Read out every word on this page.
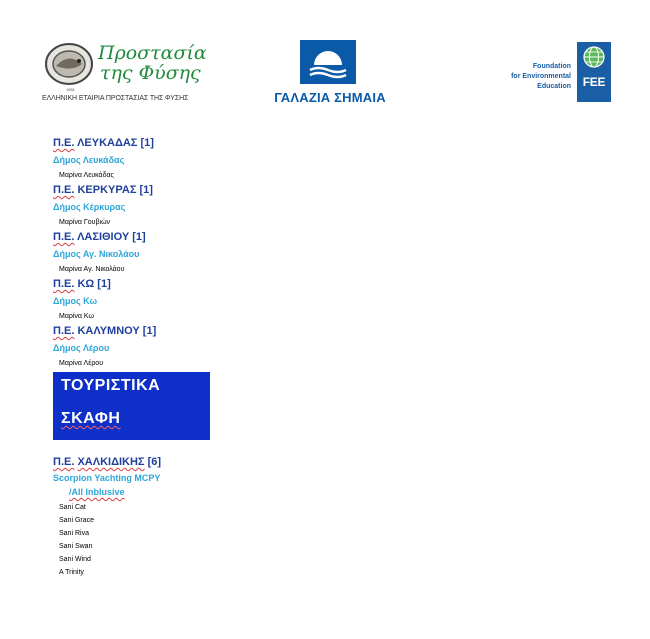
Προστασία
της Φύσης
1951
ΕΛΛΗΝΙΚΗ ΕΤΑΙΡΙΑ ΠΡΟΣΤΑΣΙΑΣ ΤΗΣ ΦΥΣΗΣ	ΓΑΛΑΖΙΑ ΣΗΜΑΙΑ
Foundation
for Environmental
Education FEE
Π.Ε. ΛΕΥΚΑΔΑΣ [1]
Δήμος Λευκάδας
Μαρίνα Λευκάδας
Π.Ε. ΚΕΡΚΥΡΑΣ [1]
Δήμος Κέρκυρας
Μαρίνα Γουβιών
Π.Ε. ΛΑΣΙΘΙΟΥ [1]
Δήμος Αγ. Νικολάου
Μαρίνα Αγ. Νικολάου
Π.Ε. ΚΩ [1]
Δήμος Κω
Μαρίνα Κω
Π.Ε. ΚΑΛΥΜΝΟΥ [1]
Δήμος Λέρου
Μαρίνα Λέρου
ΤΟΥΡΙΣΤΙΚΑ
ΣΚΑΦΗ
Π.Ε. ΧΑΛΚΙΔΙΚΗΣ [6]
Scorpion Yachting MCPY
/All Inblusive
Sani Cat
Sani Grace
Sani Riva
Sani Swan
Sani Wind
A Trinity
